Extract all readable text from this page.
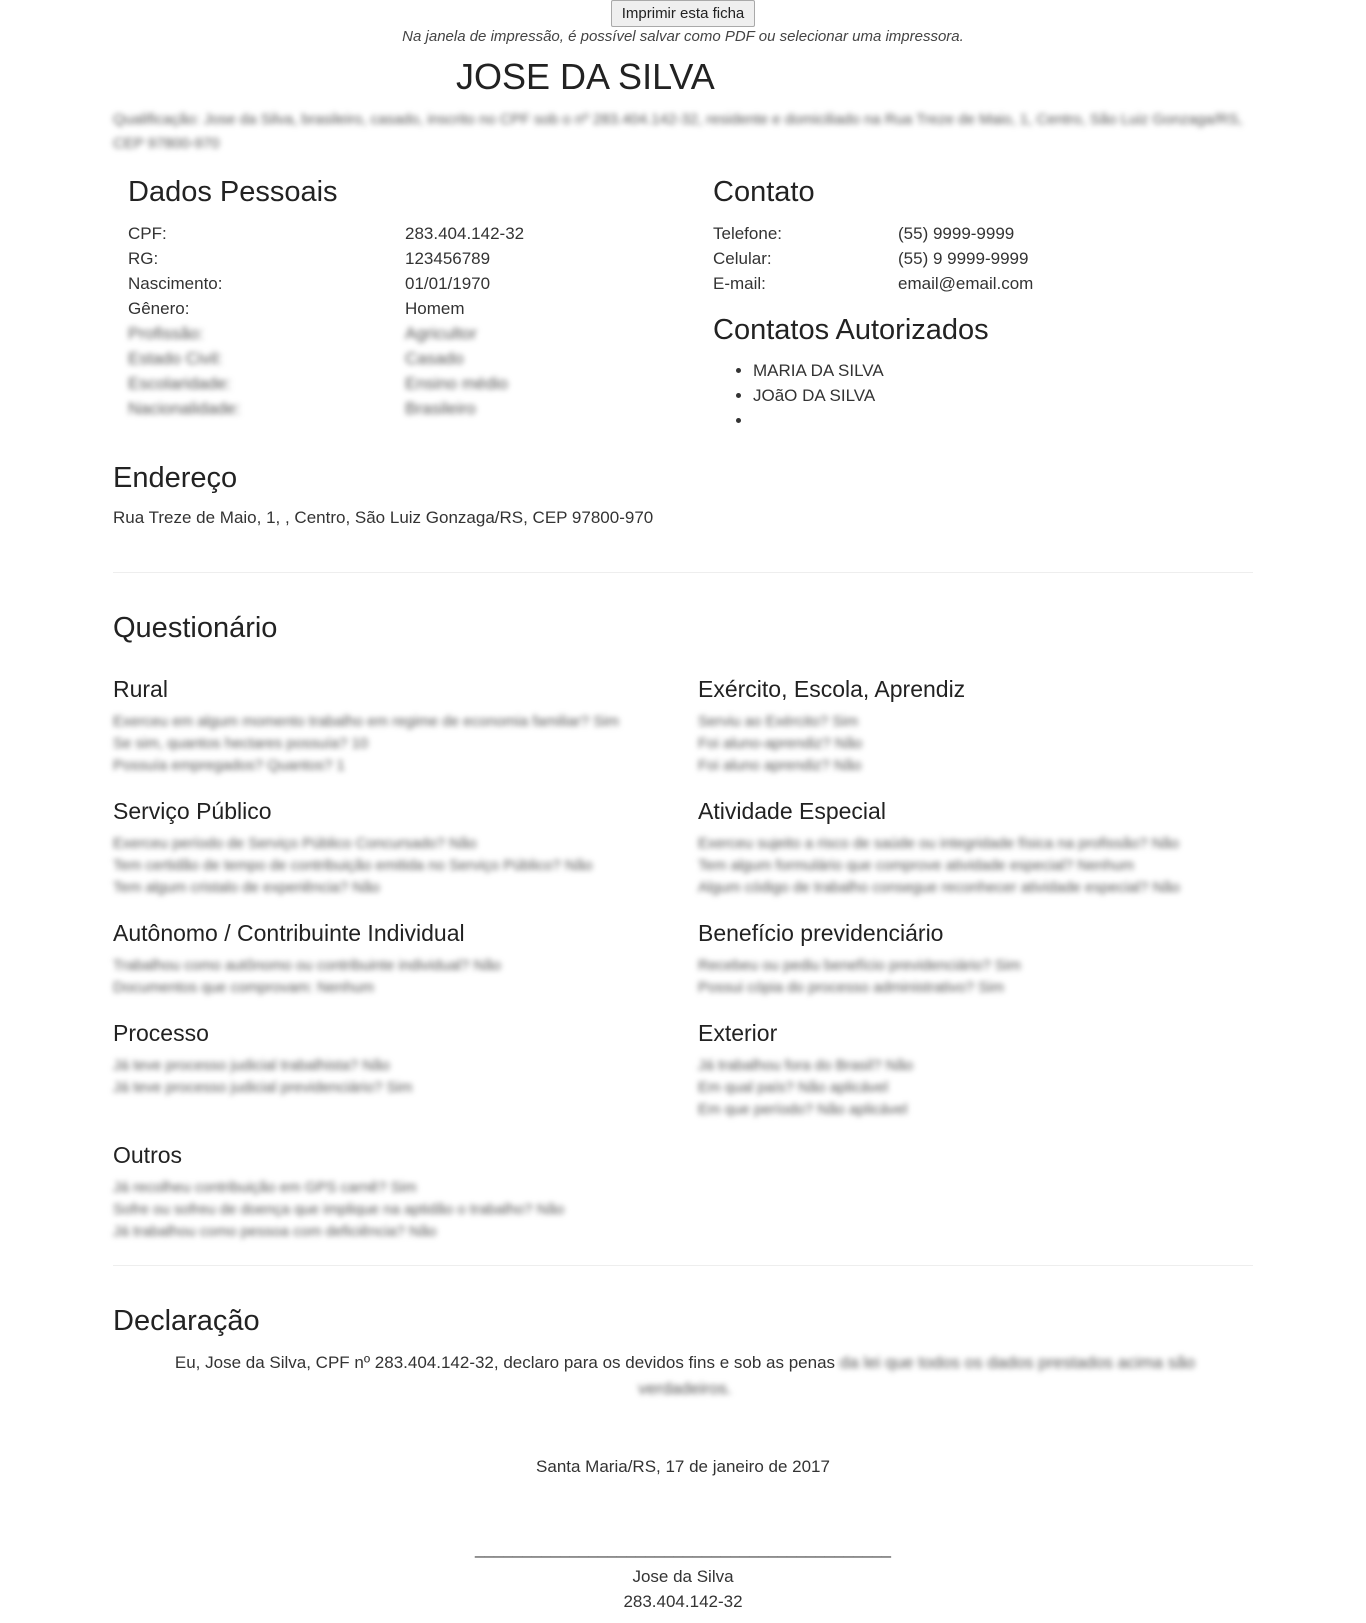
Imprimir esta ficha
Na janela de impressão, é possível salvar como PDF ou selecionar uma impressora.
JOSE DA SILVA
Qualificação: Jose da Silva, brasileiro, casado, inscrito no CPF sob o nº 283.404.142-32, residente e domiciliado na Rua Treze de Maio, 1, Centro, São Luiz Gonzaga/RS, CEP 97800-970
Dados Pessoais
CPF:	283.404.142-32
RG:	123456789
Nascimento:	01/01/1970
Gênero:	Homem
Profissão:	Agricultor
Estado Civil:	Casado
Escolaridade:	Ensino médio
Nacionalidade:	Brasileiro
Contato
Telefone:	(55) 9999-9999
Celular:	(55) 9 9999-9999
E-mail:	email@email.com
Contatos Autorizados
• MARIA DA SILVA
• JOãO DA SILVA
•
Endereço
Rua Treze de Maio, 1, , Centro, São Luiz Gonzaga/RS, CEP 97800-970
Questionário
Rural
Exerceu em algum momento trabalho em regime de economia familiar? Sim
Se sim, quantos hectares possuía? 10
Possuía empregados? Quantos? 1
Exército, Escola, Aprendiz
Serviu ao Exército? Sim
Foi aluno-aprendiz? Não
Foi aluno aprendiz? Não
Serviço Público
Exerceu período de Serviço Público Concursado? Não
Tem certidão de tempo de contribuição emitida no Serviço Público? Não
Tem algum cristalo de experiência? Não
Atividade Especial
Exerceu sujeito a risco de saúde ou integridade física na profissão? Não
Tem algum formulário que comprove atividade especial? Nenhum
Algum código de trabalho consegue reconhecer atividade especial? Não
Autônomo / Contribuinte Individual
Trabalhou como autônomo ou contribuinte individual? Não
Documentos que comprovam: Nenhum
Benefício previdenciário
Recebeu ou pediu benefício previdenciário? Sim
Possui cópia do processo administrativo? Sim
Processo
Já teve processo judicial trabalhista? Não
Já teve processo judicial previdenciário? Sim
Exterior
Já trabalhou fora do Brasil? Não
Em qual país? Não aplicável
Em que período? Não aplicável
Outros
Já recolheu contribuição em GPS carnê? Sim
Sofre ou sofreu de doença que implique na aptidão o trabalho? Não
Já trabalhou como pessoa com deficiência? Não
Declaração
Eu, Jose da Silva, CPF nº 283.404.142-32, declaro para os devidos fins e sob as penas da lei que todos os dados prestados acima são verdadeiros.
Santa Maria/RS, 17 de janeiro de 2017
____________________________________________
Jose da Silva
283.404.142-32
